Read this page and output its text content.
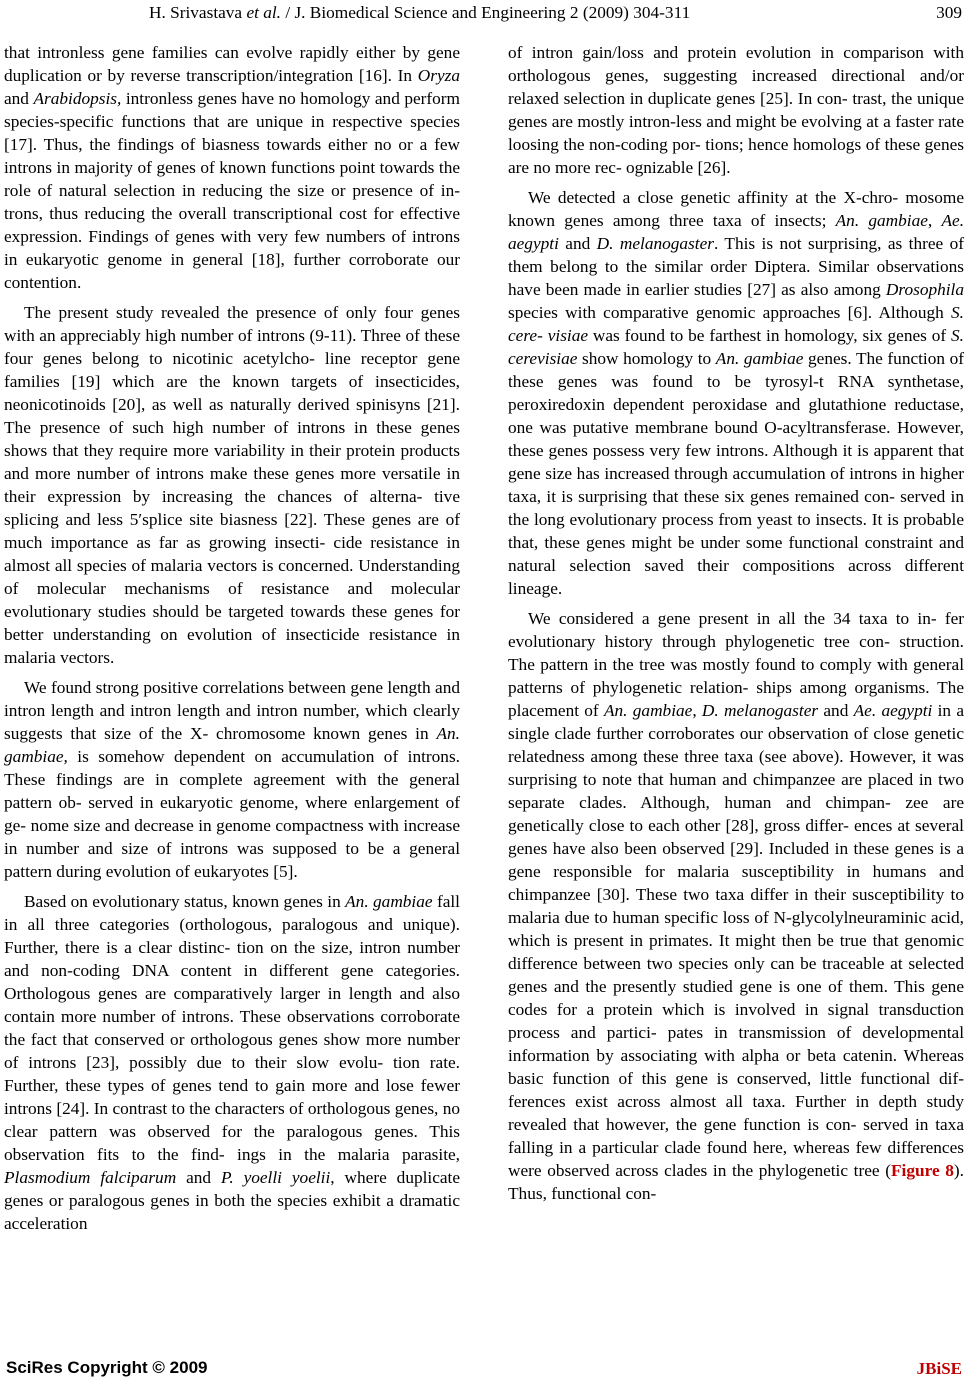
H. Srivastava et al. / J. Biomedical Science and Engineering 2 (2009) 304-311	309

that intronless gene families can evolve rapidly either by gene duplication or by reverse transcription/integration [16]. In Oryza and Arabidopsis, intronless genes have no homology and perform species-specific functions that are unique in respective species [17]. Thus, the findings of biasness towards either no or a few introns in majority of genes of known functions point towards the role of natural selection in reducing the size or presence of in- trons, thus reducing the overall transcriptional cost for effective expression. Findings of genes with very few numbers of introns in eukaryotic genome in general [18], further corroborate our contention.

The present study revealed the presence of only four genes with an appreciably high number of introns (9-11). Three of these four genes belong to nicotinic acetylcho- line receptor gene families [19] which are the known targets of insecticides, neonicotinoids [20], as well as naturally derived spinisyns [21]. The presence of such high number of introns in these genes shows that they require more variability in their protein products and more number of introns make these genes more versatile in their expression by increasing the chances of alterna- tive splicing and less 5′splice site biasness [22]. These genes are of much importance as far as growing insecti- cide resistance in almost all species of malaria vectors is concerned. Understanding of molecular mechanisms of resistance and molecular evolutionary studies should be targeted towards these genes for better understanding on evolution of insecticide resistance in malaria vectors.

We found strong positive correlations between gene length and intron length and intron length and intron number, which clearly suggests that size of the X- chromosome known genes in An. gambiae, is somehow dependent on accumulation of introns. These findings are in complete agreement with the general pattern ob- served in eukaryotic genome, where enlargement of ge- nome size and decrease in genome compactness with increase in number and size of introns was supposed to be a general pattern during evolution of eukaryotes [5].

Based on evolutionary status, known genes in An. gambiae fall in all three categories (orthologous, paralogous and unique). Further, there is a clear distinc- tion on the size, intron number and non-coding DNA content in different gene categories. Orthologous genes are comparatively larger in length and also contain more number of introns. These observations corroborate the fact that conserved or orthologous genes show more number of introns [23], possibly due to their slow evolu- tion rate. Further, these types of genes tend to gain more and lose fewer introns [24]. In contrast to the characters of orthologous genes, no clear pattern was observed for the paralogous genes. This observation fits to the find- ings in the malaria parasite, Plasmodium falciparum and P. yoelli yoelii, where duplicate genes or paralogous genes in both the species exhibit a dramatic acceleration

of intron gain/loss and protein evolution in comparison with orthologous genes, suggesting increased directional and/or relaxed selection in duplicate genes [25]. In con- trast, the unique genes are mostly intron-less and might be evolving at a faster rate loosing the non-coding por- tions; hence homologs of these genes are no more rec- ognizable [26].

We detected a close genetic affinity at the X-chro- mosome known genes among three taxa of insects; An. gambiae, Ae. aegypti and D. melanogaster. This is not surprising, as three of them belong to the similar order Diptera. Similar observations have been made in earlier studies [27] as also among Drosophila species with comparative genomic approaches [6]. Although S. cere- visiae was found to be farthest in homology, six genes of S. cerevisiae show homology to An. gambiae genes. The function of these genes was found to be tyrosyl-t RNA synthetase, peroxiredoxin dependent peroxidase and glutathione reductase, one was putative membrane bound O-acyltransferase. However, these genes possess very few introns. Although it is apparent that gene size has increased through accumulation of introns in higher taxa, it is surprising that these six genes remained con- served in the long evolutionary process from yeast to insects. It is probable that, these genes might be under some functional constraint and natural selection saved their compositions across different lineage.

We considered a gene present in all the 34 taxa to in- fer evolutionary history through phylogenetic tree con- struction. The pattern in the tree was mostly found to comply with general patterns of phylogenetic relation- ships among organisms. The placement of An. gambiae, D. melanogaster and Ae. aegypti in a single clade further corroborates our observation of close genetic relatedness among these three taxa (see above). However, it was surprising to note that human and chimpanzee are placed in two separate clades. Although, human and chimpan- zee are genetically close to each other [28], gross differ- ences at several genes have also been observed [29]. Included in these genes is a gene responsible for malaria susceptibility in humans and chimpanzee [30]. These two taxa differ in their susceptibility to malaria due to human specific loss of N-glycolylneuraminic acid, which is present in primates. It might then be true that genomic difference between two species only can be traceable at selected genes and the presently studied gene is one of them. This gene codes for a protein which is involved in signal transduction process and partici- pates in transmission of developmental information by associating with alpha or beta catenin. Whereas basic function of this gene is conserved, little functional dif- ferences exist across almost all taxa. Further in depth study revealed that however, the gene function is con- served in taxa falling in a particular clade found here, whereas few differences were observed across clades in the phylogenetic tree (Figure 8). Thus, functional con-

SciRes Copyright © 2009	JBiSE
